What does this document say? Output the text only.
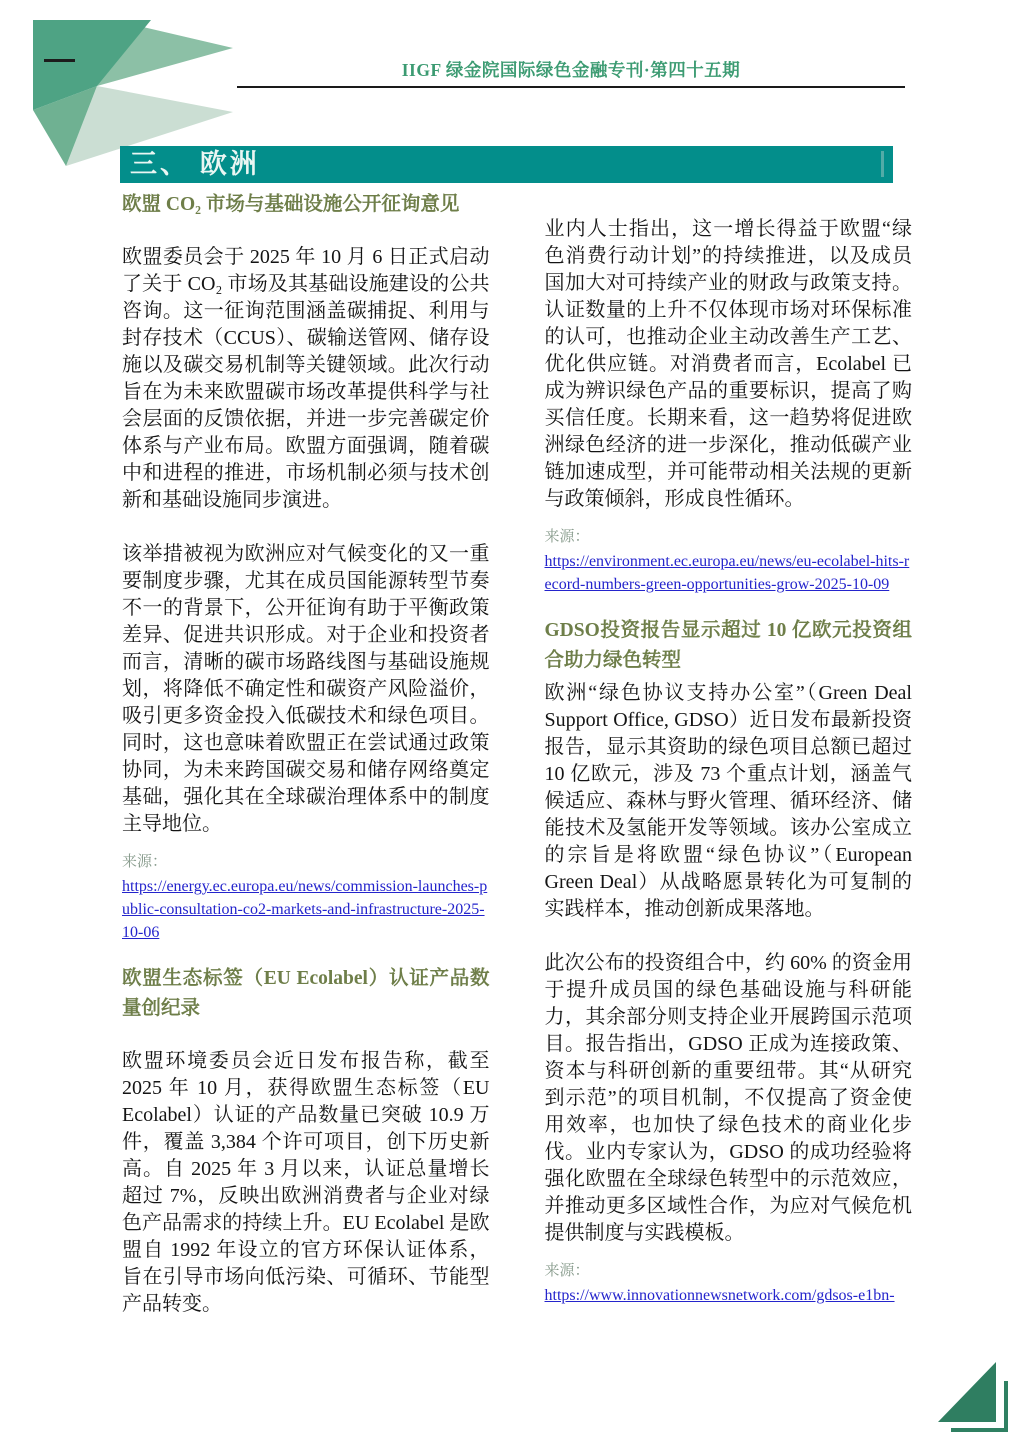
IIGF 绿金院国际绿色金融专刊·第四十五期
三、 欧洲
欧盟 CO₂ 市场与基础设施公开征询意见

欧盟委员会于 2025 年 10 月 6 日正式启动了关于 CO₂ 市场及其基础设施建设的公共咨询。这一征询范围涵盖碳捕捉、利用与封存技术（CCUS）、碳输送管网、储存设施以及碳交易机制等关键领域。此次行动旨在为未来欧盟碳市场改革提供科学与社会层面的反馈依据，并进一步完善碳定价体系与产业布局。欧盟方面强调，随着碳中和进程的推进，市场机制必须与技术创新和基础设施同步演进。

该举措被视为欧洲应对气候变化的又一重要制度步骤，尤其在成员国能源转型节奏不一的背景下，公开征询有助于平衡政策差异、促进共识形成。对于企业和投资者而言，清晰的碳市场路线图与基础设施规划，将降低不确定性和碳资产风险溢价，吸引更多资金投入低碳技术和绿色项目。同时，这也意味着欧盟正在尝试通过政策协同，为未来跨国碳交易和储存网络奠定基础，强化其在全球碳治理体系中的制度主导地位。

来源：
https://energy.ec.europa.eu/news/commission-launches-public-consultation-co2-markets-and-infrastructure-2025-10-06
欧盟生态标签（EU Ecolabel）认证产品数量创纪录

欧盟环境委员会近日发布报告称，截至 2025 年 10 月，获得欧盟生态标签（EU Ecolabel）认证的产品数量已突破 10.9 万件，覆盖 3,384 个许可项目，创下历史新高。自 2025 年 3 月以来，认证总量增长超过 7%，反映出欧洲消费者与企业对绿色产品需求的持续上升。EU Ecolabel 是欧盟自 1992 年设立的官方环保认证体系，旨在引导市场向低污染、可循环、节能型产品转变。

业内人士指出，这一增长得益于欧盟“绿色消费行动计划”的持续推进，以及成员国加大对可持续产业的财政与政策支持。认证数量的上升不仅体现市场对环保标准的认可，也推动企业主动改善生产工艺、优化供应链。对消费者而言，Ecolabel 已成为辨识绿色产品的重要标识，提高了购买信任度。长期来看，这一趋势将促进欧洲绿色经济的进一步深化，推动低碳产业链加速成型，并可能带动相关法规的更新与政策倾斜，形成良性循环。

来源：
https://environment.ec.europa.eu/news/eu-ecolabel-hits-record-numbers-green-opportunities-grow-2025-10-09
GDSO投资报告显示超过 10 亿欧元投资组合助力绿色转型

欧洲“绿色协议支持办公室”（Green Deal Support Office, GDSO）近日发布最新投资报告，显示其资助的绿色项目总额已超过10 亿欧元，涉及 73 个重点计划，涵盖气候适应、森林与野火管理、循环经济、储能技术及氢能开发等领域。该办公室成立的宗旨是将欧盟“绿色协议”（European Green Deal）从战略愿景转化为可复制的实践样本，推动创新成果落地。

此次公布的投资组合中，约 60% 的资金用于提升成员国的绿色基础设施与科研能力，其余部分则支持企业开展跨国示范项目。报告指出，GDSO 正成为连接政策、资本与科研创新的重要纽带。其“从研究到示范”的项目机制，不仅提高了资金使用效率，也加快了绿色技术的商业化步伐。业内专家认为，GDSO 的成功经验将强化欧盟在全球绿色转型中的示范效应，并推动更多区域性合作，为应对气候危机提供制度与实践模板。

来源：
https://www.innovationnewsnetwork.com/gdsos-e1bn-
